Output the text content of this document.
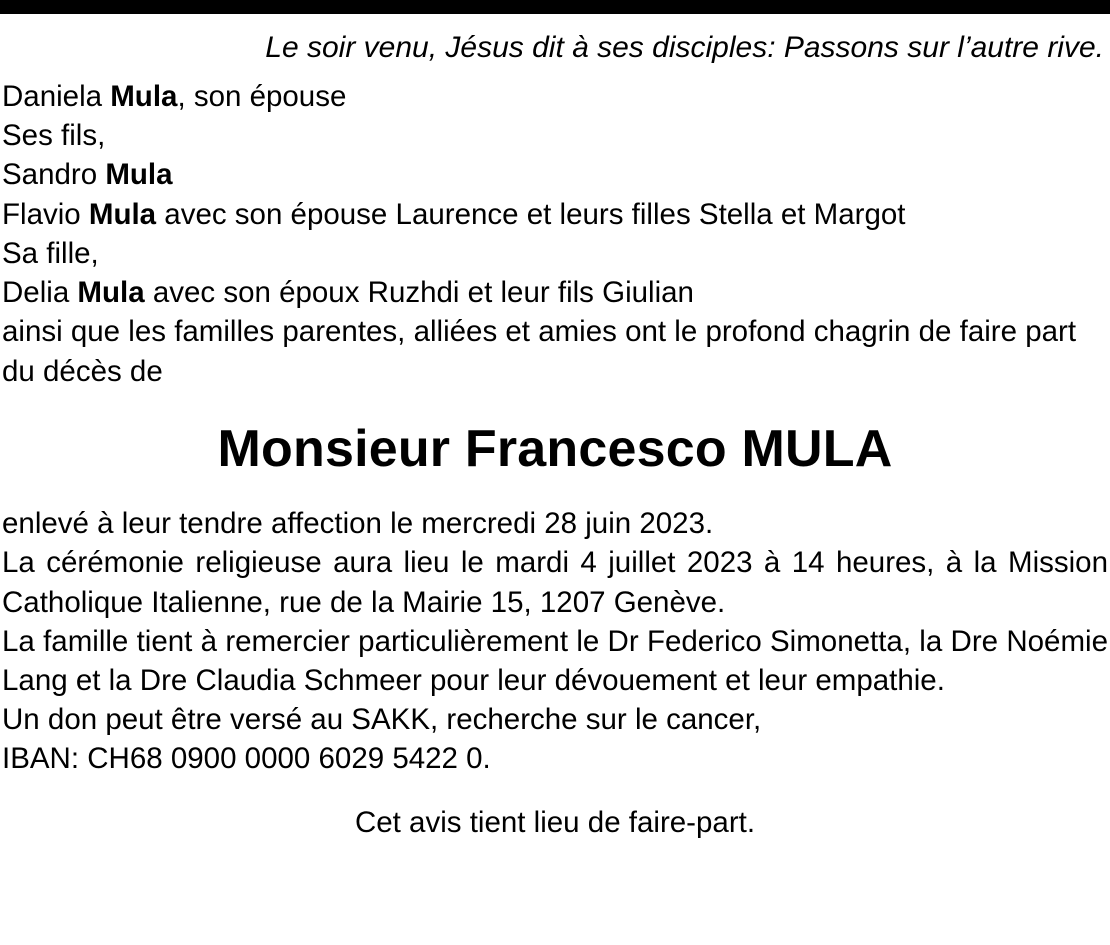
Le soir venu, Jésus dit à ses disciples: Passons sur l’autre rive.
Daniela Mula, son épouse
Ses fils,
Sandro Mula
Flavio Mula avec son épouse Laurence et leurs filles Stella et Margot
Sa fille,
Delia Mula avec son époux Ruzhdi et leur fils Giulian
ainsi que les familles parentes, alliées et amies ont le profond chagrin de faire part du décès de
Monsieur Francesco MULA
enlevé à leur tendre affection le mercredi 28 juin 2023.
La cérémonie religieuse aura lieu le mardi 4 juillet 2023 à 14 heures, à la Mission Catholique Italienne, rue de la Mairie 15, 1207 Genève.
La famille tient à remercier particulièrement le Dr Federico Simonetta, la Dre Noémie Lang et la Dre Claudia Schmeer pour leur dévouement et leur empathie.
Un don peut être versé au SAKK, recherche sur le cancer,
IBAN: CH68 0900 0000 6029 5422 0.
Cet avis tient lieu de faire-part.
